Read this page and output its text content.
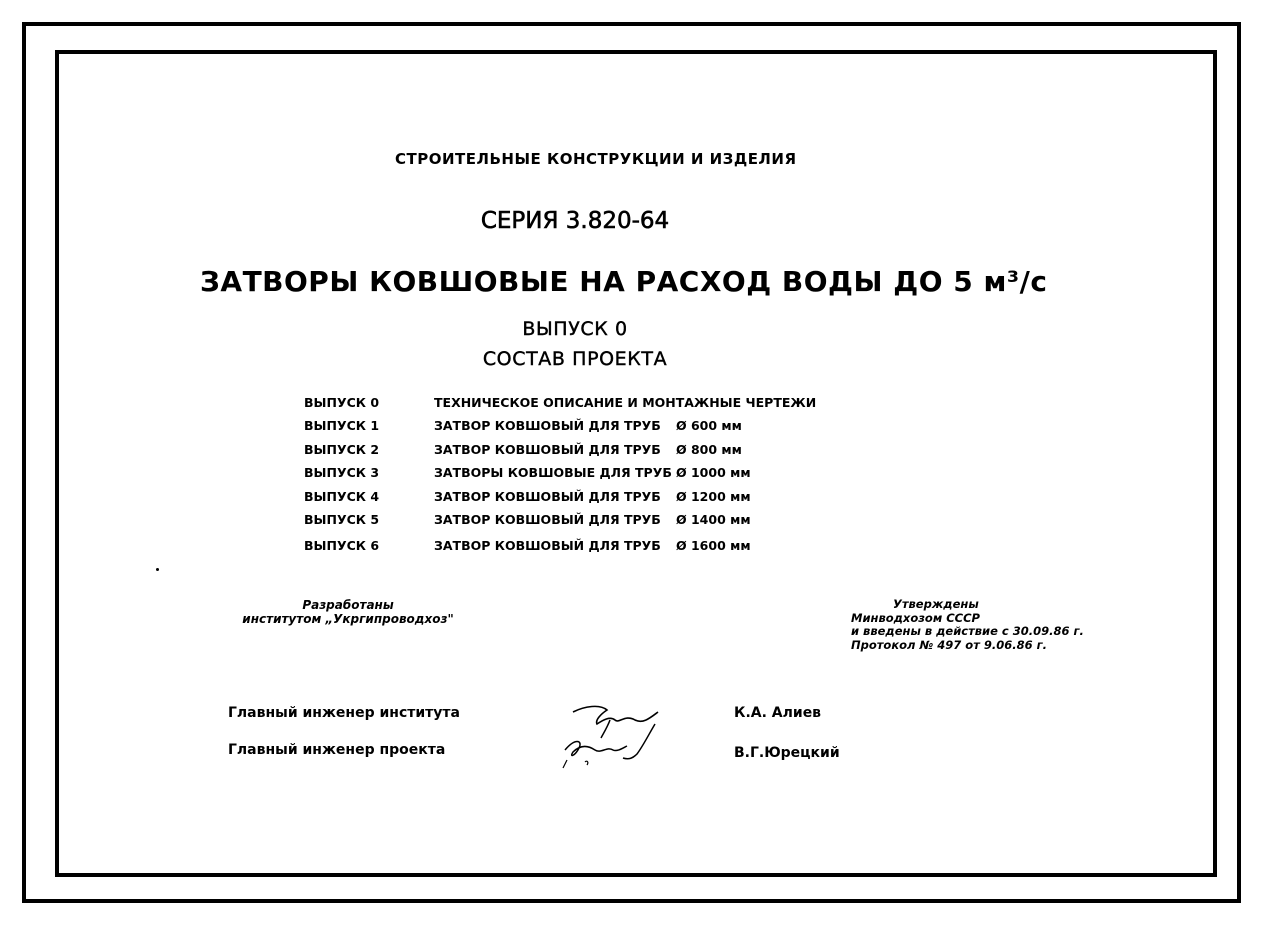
СТРОИТЕЛЬНЫЕ КОНСТРУКЦИИ И ИЗДЕЛИЯ
СЕРИЯ 3.820-64
ЗАТВОРЫ КОВШОВЫЕ НА РАСХОД ВОДЫ ДО 5 м³/с
ВЫПУСК 0
СОСТАВ ПРОЕКТА
ВЫПУСК 0	ТЕХНИЧЕСКОЕ ОПИСАНИЕ И МОНТАЖНЫЕ ЧЕРТЕЖИ
ВЫПУСК 1	ЗАТВОР КОВШОВЫЙ ДЛЯ ТРУБ Ø 600 мм
ВЫПУСК 2	ЗАТВОР КОВШОВЫЙ ДЛЯ ТРУБ Ø 800 мм
ВЫПУСК 3	ЗАТВОРЫ КОВШОВЫЕ ДЛЯ ТРУБ Ø 1000 мм
ВЫПУСК 4	ЗАТВОР КОВШОВЫЙ ДЛЯ ТРУБ Ø 1200 мм
ВЫПУСК 5	ЗАТВОР КОВШОВЫЙ ДЛЯ ТРУБ Ø 1400 мм
ВЫПУСК 6	ЗАТВОР КОВШОВЫЙ ДЛЯ ТРУБ Ø 1600 мм
Разработаны
институтом „Укргипроводхоз"
Утверждены
Минводхозом СССР
и введены в действие с 30.09.86 г.
Протокол № 497 от 9.06.86 г.
Главный инженер института
Главный инженер проекта
К.А. Алиев
В.Г.Юрецкий
